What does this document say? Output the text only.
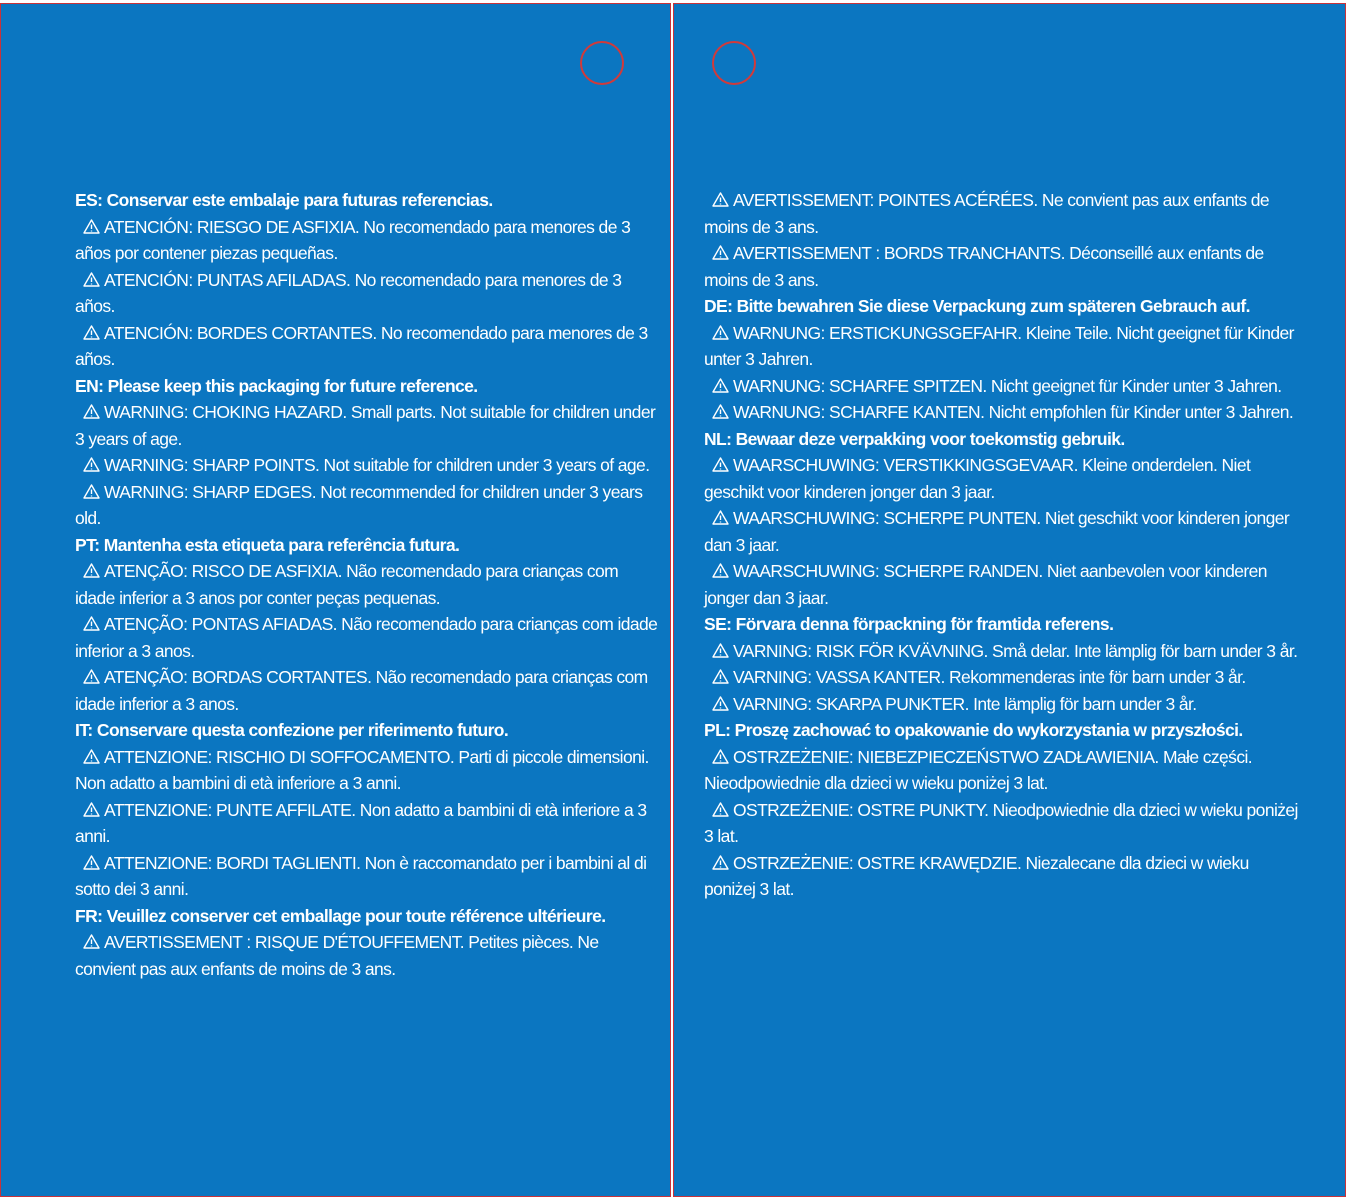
ES: Conservar este embalaje para futuras referencias.

ATENCIÓN: RIESGO DE ASFIXIA. No recomendado para menores de 3 años por contener piezas pequeñas.

ATENCIÓN: PUNTAS AFILADAS. No recomendado para menores de 3 años.

ATENCIÓN: BORDES CORTANTES. No recomendado para menores de 3 años.

EN: Please keep this packaging for future reference.

WARNING: CHOKING HAZARD. Small parts. Not suitable for children under 3 years of age.

WARNING: SHARP POINTS. Not suitable for children under 3 years of age.

WARNING: SHARP EDGES. Not recommended for children under 3 years old.

PT: Mantenha esta etiqueta para referência futura.

ATENÇÃO: RISCO DE ASFIXIA. Não recomendado para crianças com idade inferior a 3 anos por conter peças pequenas.

ATENÇÃO: PONTAS AFIADAS. Não recomendado para crianças com idade inferior a 3 anos.

ATENÇÃO: BORDAS CORTANTES. Não recomendado para crianças com idade inferior a 3 anos.

IT: Conservare questa confezione per riferimento futuro.

ATTENZIONE: RISCHIO DI SOFFOCAMENTO. Parti di piccole dimensioni. Non adatto a bambini di età inferiore a 3 anni.

ATTENZIONE: PUNTE AFFILATE. Non adatto a bambini di età inferiore a 3 anni.

ATTENZIONE: BORDI TAGLIENTI. Non è raccomandato per i bambini al di sotto dei 3 anni.

FR: Veuillez conserver cet emballage pour toute référence ultérieure.

AVERTISSEMENT : RISQUE D'ÉTOUFFEMENT. Petites pièces. Ne convient pas aux enfants de moins de 3 ans.

AVERTISSEMENT: POINTES ACÉRÉES. Ne convient pas aux enfants de moins de 3 ans.

AVERTISSEMENT : BORDS TRANCHANTS. Déconseillé aux enfants de moins de 3 ans.

DE: Bitte bewahren Sie diese Verpackung zum späteren Gebrauch auf.

WARNUNG: ERSTICKUNGSGEFAHR. Kleine Teile. Nicht geeignet für Kinder unter 3 Jahren.

WARNUNG: SCHARFE SPITZEN. Nicht geeignet für Kinder unter 3 Jahren.

WARNUNG: SCHARFE KANTEN. Nicht empfohlen für Kinder unter 3 Jahren.

NL: Bewaar deze verpakking voor toekomstig gebruik.

WAARSCHUWING: VERSTIKKINGSGEVAAR. Kleine onderdelen. Niet geschikt voor kinderen jonger dan 3 jaar.

WAARSCHUWING: SCHERPE PUNTEN. Niet geschikt voor kinderen jonger dan 3 jaar.

WAARSCHUWING: SCHERPE RANDEN. Niet aanbevolen voor kinderen jonger dan 3 jaar.

SE: Förvara denna förpackning för framtida referens.

VARNING: RISK FÖR KVÄVNING. Små delar. Inte lämplig för barn under 3 år.

VARNING: VASSA KANTER. Rekommenderas inte för barn under 3 år.

VARNING: SKARPA PUNKTER. Inte lämplig för barn under 3 år.

PL: Proszę zachować to opakowanie do wykorzystania w przyszłości.

OSTRZEŻENIE: NIEBEZPIECZEŃSTWO ZADŁAWIENIA. Małe części. Nieodpowiednie dla dzieci w wieku poniżej 3 lat.

OSTRZEŻENIE: OSTRE PUNKTY. Nieodpowiednie dla dzieci w wieku poniżej 3 lat.

OSTRZEŻENIE: OSTRE KRAWĘDZIE. Niezalecane dla dzieci w wieku poniżej 3 lat.
